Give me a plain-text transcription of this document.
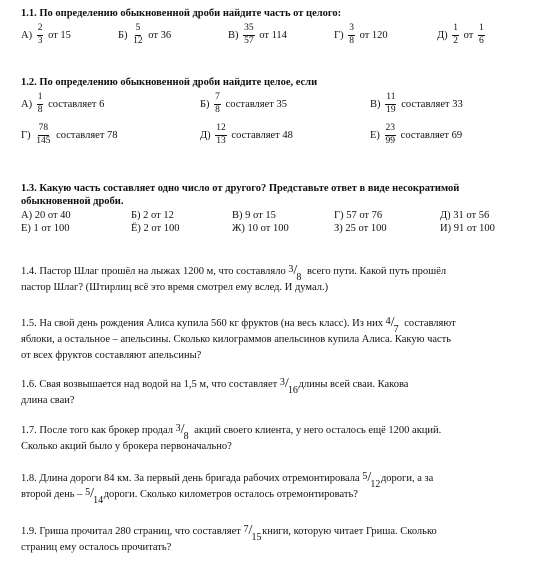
1.1. По определению обыкновенной дроби найдите часть от целого:
$А) \frac{2}{3}$ от 15	$Б) \frac{5}{12}$ от 36	$В) \frac{35}{57}$ от 114	$Г) \frac{3}{8}$ от 120	$Д) \frac{1}{2}$ от $\frac{1}{6}$
1.2. По определению обыкновенной дроби найдите целое, если
$А) \frac{1}{8}$ составляет 6	$Б) \frac{7}{8}$ составляет 35	$В) \frac{11}{19}$ составляет 33
$Г) \frac{78}{145}$ составляет 78	$Д) \frac{12}{13}$ составляет 48	$Е) \frac{23}{99}$ составляет 69
1.3. Какую часть составляет одно число от другого? Представьте ответ в виде несократимой
обыкновенной дроби.
А) 20 от 40	Б) 2 от 12	В) 9 от 15	Г) 57 от 76	Д) 31 от 56
Е) 1 от 100	Ё) 2 от 100	Ж) 10 от 100	З) 25 от 100	И) 91 от 100
1.4. Пастор Шлаг прошёл на лыжах 1200 м, что составляло 3 / 8
всего пути. Какой путь прошёл
пастор Шлаг? (Штирлиц всё это время смотрел ему вслед. И думал.)
1.5. На свой день рождения Алиса купила 560 кг фруктов (на весь класс). Из них 4 / 7
составляют
яблоки, а остальное – апельсины. Сколько килограммов апельсинов купила Алиса. Какую часть
от всех фруктов составляют апельсины?
1.6. Свая возвышается над водой на 1,5 м, что составляет 3 / 16
длины всей сваи. Какова
длина сваи?
1.7. После того как брокер продал 3 / 8
акций своего клиента, у него осталось ещё 1200 акций.
Сколько акций было у брокера первоначально?
1.8. Длина дороги 84 км. За первый день бригада рабочих отремонтировала 5 / 12
дороги, а за
второй день – 5 / 14
дороги. Сколько километров осталось отремонтировать?
1.9. Гриша прочитал 280 страниц, что составляет 7 / 15
книги, которую читает Гриша. Сколько
страниц ему осталось прочитать?
